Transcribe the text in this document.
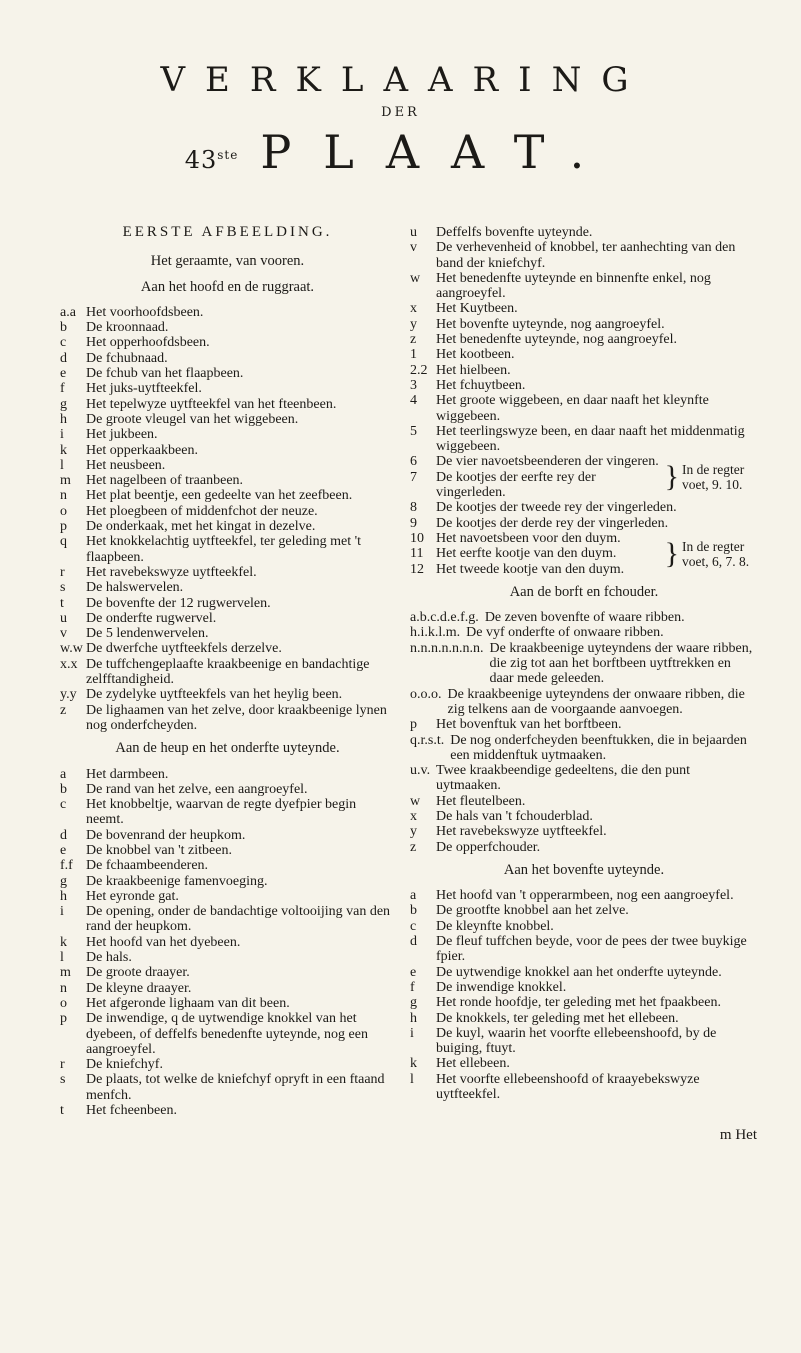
VERKLAARING
DER
43ste PLAAT.
EERSTE AFBEELDING.
Het geraamte, van vooren.
Aan het hoofd en de ruggraat.
a.a Het voorhoofdsbeen.
b	De kroonnaad.
c	Het opperhoofdsbeen.
d	De fchubnaad.
e	De fchub van het flaapbeen.
f	Het juks-uytfteekfel.
g	Het tepelwyze uytfteekfel van het fteenbeen.
h	De groote vleugel van het wiggebeen.
i	Het jukbeen.
k	Het opperkaakbeen.
l	Het neusbeen.
m	Het nagelbeen of traanbeen.
n	Het plat beentje, een gedeelte van het zeefbeen.
o	Het ploegbeen of middenfchot der neuze.
p	De onderkaak, met het kingat in dezelve.
q	Het knokkelachtig uytfteekfel, ter geleding met 't flaapbeen.
r	Het ravebekswyze uytfteekfel.
s	De halswervelen.
t	De bovenfte der 12 rugwervelen.
u	De onderfte rugwervel.
v	De 5 lendenwervelen.
w.w De dwerfche uytfteekfels derzelve.
x.x De tuffchengeplaafte kraakbeenige en bandachtige zelfftandigheid.
y.y De zydelyke uytfteekfels van het heylig been.
z	De lighaamen van het zelve, door kraakbeenige lynen nog onderfcheyden.
Aan de heup en het onderfte uyteynde.
a	Het darmbeen.
b	De rand van het zelve, een aangroeyfel.
c	Het knobbeltje, waarvan de regte dyefpier begin neemt.
d	De bovenrand der heupkom.
e	De knobbel van 't zitbeen.
f.f De fchaambeenderen.
g	De kraakbeenige famenvoeging.
h	Het eyronde gat.
i	De opening, onder de bandachtige voltooijing van den rand der heupkom.
k	Het hoofd van het dyebeen.
l	De hals.
m	De groote draayer.
n	De kleyne draayer.
o	Het afgeronde lighaam van dit been.
p	De inwendige, q de uytwendige knokkel van het dyebeen, of deffelfs benedenfte uyteynde, nog een aangroeyfel.
r	De kniefchyf.
s	De plaats, tot welke de kniefchyf opryft in een ftaand menfch.
t	Het fcheenbeen.
u	Deffelfs bovenfte uyteynde.
v	De verhevenheid of knobbel, ter aanhechting van den band der kniefchyf.
w	Het benedenfte uyteynde en binnenfte enkel, nog aangroeyfel.
x	Het Kuytbeen.
y	Het bovenfte uyteynde, nog aangroeyfel.
z	Het benedenfte uyteynde, nog aangroeyfel.
1	Het kootbeen.
2.2 Het hielbeen.
3	Het fchuytbeen.
4	Het groote wiggebeen, en daar naaft het kleynfte wiggebeen.
5	Het teerlingswyze been, en daar naaft het middenmatig wiggebeen.
6	De vier navoetsbeenderen der vingeren.
7	De kootjes der eerfte rey der vingerleden.	} In de regter voet, 9. 10.
8	De kootjes der tweede rey der vingerleden.
9	De kootjes der derde rey der vingerleden.
10 Het navoetsbeen voor den duym.
11 Het eerfte kootje van den duym.
12 Het tweede kootje van den duym.	} In de regter voet, 6, 7. 8.
Aan de borft en fchouder.
a.b.c.d.e.f.g. De zeven bovenfte of waare ribben.
h.i.k.l.m. De vyf onderfte of onwaare ribben.
n.n.n.n.n.n.n. De kraakbeenige uyteyndens der waare ribben, die zig tot aan het borftbeen uytftrekken en daar mede geleeden.
o.o.o. De kraakbeenige uyteyndens der onwaare ribben, die zig telkens aan de voorgaande aanvoegen.
p	Het bovenftuk van het borftbeen.
q.r.s.t. De nog onderfcheyden beenftukken, die in bejaarden een middenftuk uytmaaken.
u.v. Twee kraakbeendige gedeeltens, die den punt uytmaaken.
w	Het fleutelbeen.
x	De hals van 't fchouderblad.
y	Het ravebekswyze uytfteekfel.
z	De opperfchouder.
Aan het bovenfte uyteynde.
a	Het hoofd van 't opperarmbeen, nog een aangroeyfel.
b	De grootfte knobbel aan het zelve.
c	De kleynfte knobbel.
d	De fleuf tuffchen beyde, voor de pees der twee buykige fpier.
e	De uytwendige knokkel aan het onderfte uyteynde.
f	De inwendige knokkel.
g	Het ronde hoofdje, ter geleding met het fpaakbeen.
h	De knokkels, ter geleding met het ellebeen.
i	De kuyl, waarin het voorfte ellebeenshoofd, by de buiging, ftuyt.
k	Het ellebeen.
l	Het voorfte ellebeenshoofd of kraayebekswyze uytfteekfel.
m Het
